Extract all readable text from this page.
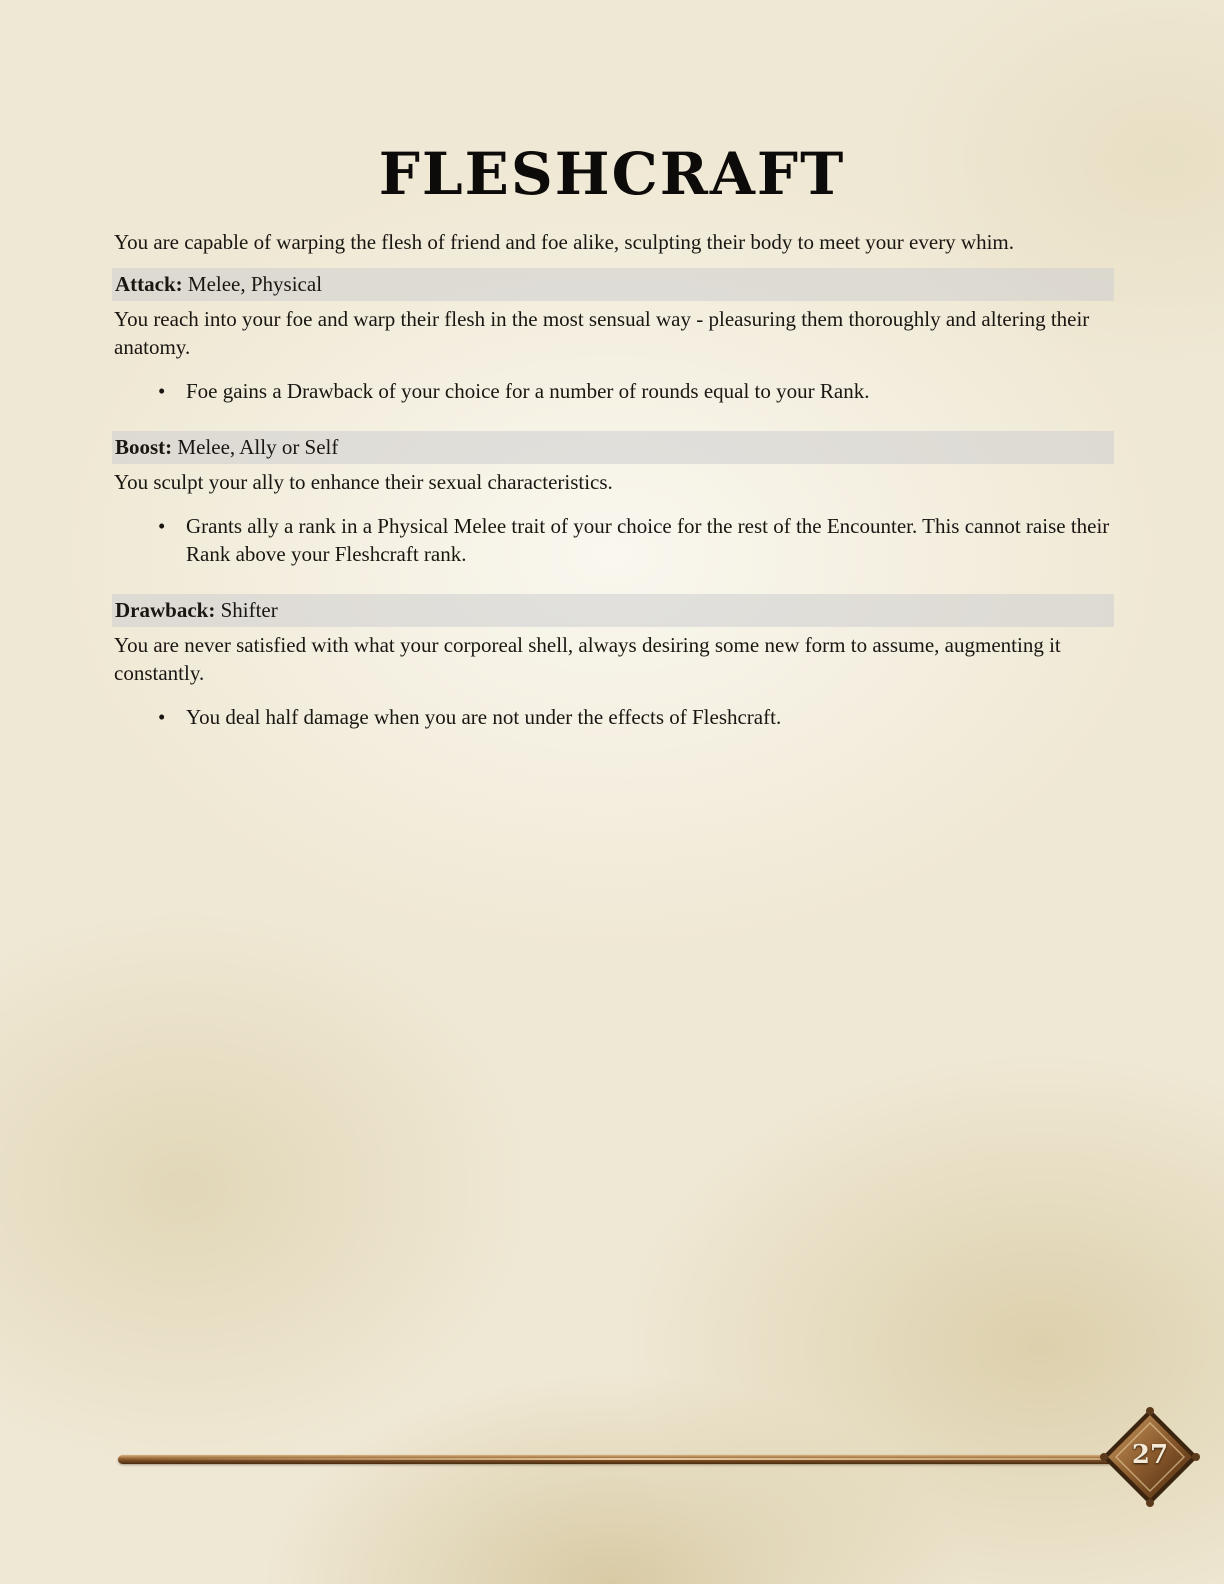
FLESHCRAFT

You are capable of warping the flesh of friend and foe alike, sculpting their body to meet your every whim.

Attack: Melee, Physical

You reach into your foe and warp their flesh in the most sensual way - pleasuring them thoroughly and altering their anatomy.

• Foe gains a Drawback of your choice for a number of rounds equal to your Rank.
Boost: Melee, Ally or Self

You sculpt your ally to enhance their sexual characteristics.

• Grants ally a rank in a Physical Melee trait of your choice for the rest of the Encounter. This cannot raise their Rank above your Fleshcraft rank.
Drawback: Shifter

You are never satisfied with what your corporeal shell, always desiring some new form to assume, augmenting it constantly.

• You deal half damage when you are not under the effects of Fleshcraft.
27
